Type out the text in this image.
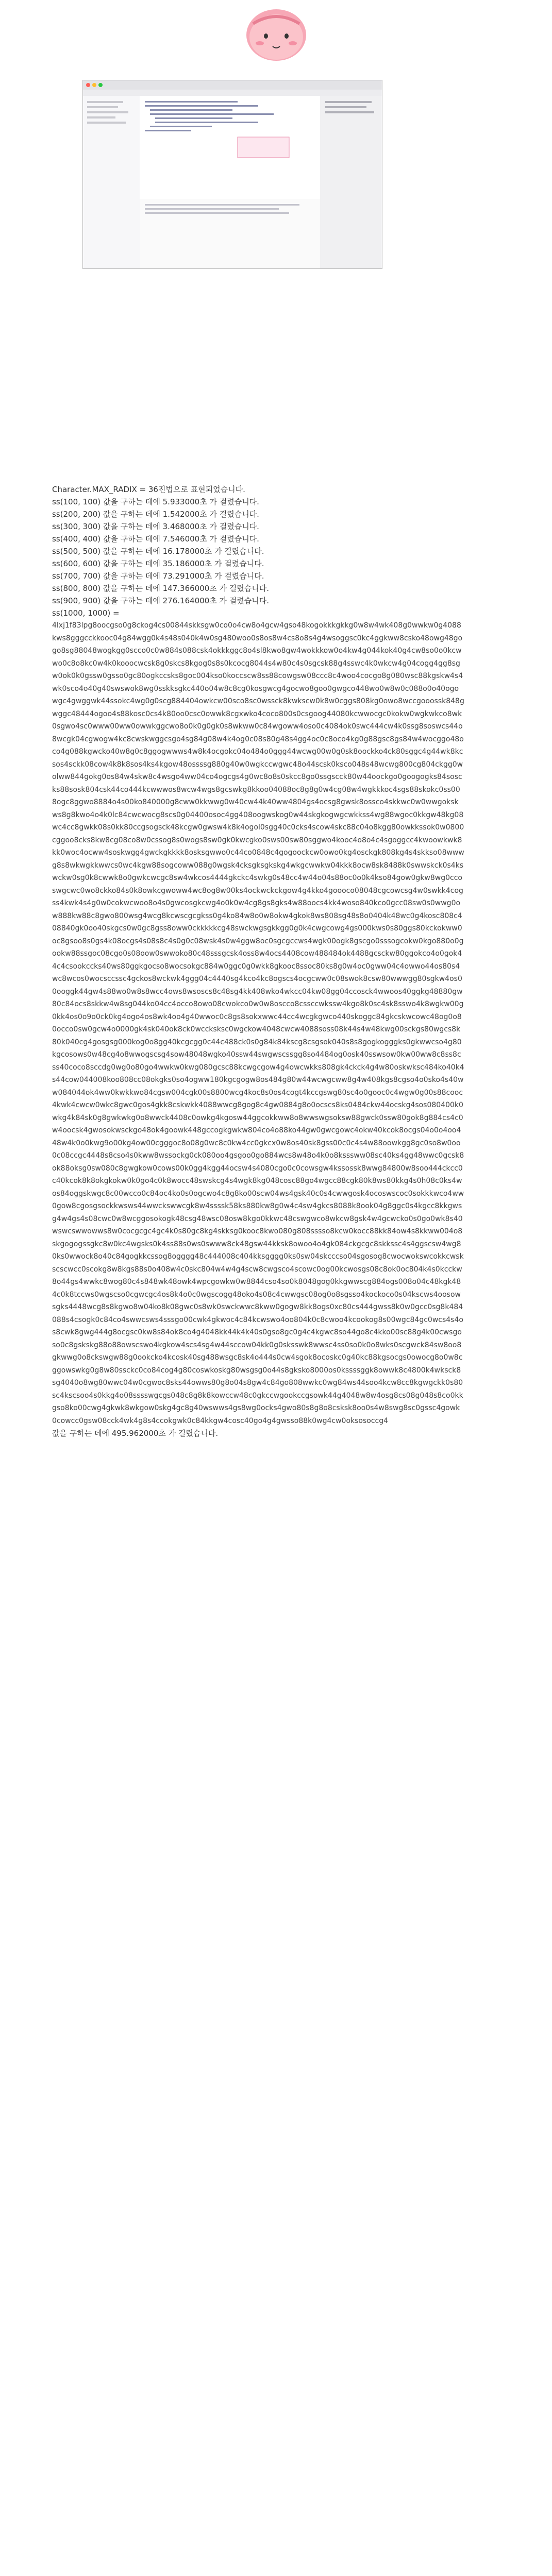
Character.MAX_RADIX = 36진법으로 표현되었습니다.

ss(100, 100) 값을 구하는 데에 5.933000초 가 걸렸습니다.

ss(200, 200) 값을 구하는 데에 1.542000초 가 걸렸습니다.

ss(300, 300) 값을 구하는 데에 3.468000초 가 걸렸습니다.

ss(400, 400) 값을 구하는 데에 7.546000초 가 걸렸습니다.

ss(500, 500) 값을 구하는 데에 16.178000초 가 걸렸습니다.

ss(600, 600) 값을 구하는 데에 35.186000초 가 걸렸습니다.

ss(700, 700) 값을 구하는 데에 73.291000초 가 걸렸습니다.

ss(800, 800) 값을 구하는 데에 147.366000초 가 걸렸습니다.

ss(900, 900) 값을 구하는 데에 276.164000초 가 걸렸습니다.

ss(1000, 1000) =

4lxj1f83lpg8oocgso0g8ckog4cs00844skksgw0co0o4cw8o4gcw4gso48kogokkkgkkg0w8w4wk408g0wwkw0g4088kws8gggcckkooc04g84wgg0k4s48s040k4w0sg480woo0s8os8w4cs8o8s4g4wsoggsc0kc4ggkww8csko48owg48gogo8sg88048wogkgg0scco0c0w884s088csk4okkkggc8o4sl8kwo8gw4wokkkow0o4kw4g044kok40g4cw8so0o0kcwwo0c8o8kc0w4k0kooocwcsk8g0skcs8kgog0s8s0kcocg8044s4w80c4s0sgcsk88g4sswc4k0wkcw4g04cogg4gg8sgw0ok0k0gssw0gsso0gc80ogkccsks8goc004kso0koccscw8ss88cowgsw08ccc8c4woo4cocgo8g080wsc88kgskw4s4wk0sco4o40g40swswok8wg0sskksgkc440o04w8c8cg0kosgwcg4gocwo8goo0gwgco448wo0w8w0c088o0o40ogowgc4gwggwk44ssokc4wg0g0scg884404owkcw00sco8sc0wssck8kwkscw0k8w0cggs808kg0owo8wccgooossk848gwggc48444ogoo4s88kosc0cs4k80oo0csc0owwk8cgxwko4coco800s0csgoog44080kcwwocgc0kokw0wgkwkco8wk0sgwo4sc0www00ww0owwkggcwo8o0k0g0gk0s8wkww0c84wgoww4oso0c4084ok0swc444cw4k0ssg8soswcs44o8wcgk04cgwogw4kc8cwskwggcsgo4sg84g08w4k4og0c08s80g48s4gg4oc0c8oco4kg0g88gsc8gs84w4wocggo48oco4g088kgwcko40w8g0c8ggogwwws4w8k4ocgokc04o484o0ggg44wcwg00w0g0sk8oockko4ck80sggc4g44wk8kcsos4sckk08cow4k8k8sos4ks4kgow48ossssg880g40w0wgkccwgwc48o44scsk0ksco048s48wcwg800cg804ckgg0wolww844gokg0os84w4skw8c4wsgo4ww04co4ogcgs4g0wc8o8s0skcc8go0ssgscck80w44oockgo0googogks84soscks88sosk804csk44co444kcwwwos8wcw4wgs8gcswkg8kkoo04088oc8g8g0w4cg08w4wgkkkoc4sgs88skokc0ss008ogc8ggwo8884o4s00ko840000g8cww0kkwwg0w40cw44k40ww4804gs4ocsg8gwsk8ossco4skkwc0w0wwgokskws8g8kwo4o4k0lc84cwcwocg8scs0g04400osoc4gg408oogwskog0w44skgkogwgcwkkss4wg88wgoc0kkgw48kg08wc4cc8gwkk08s0kk80ccgsogsck48kcgw0gwsw4k8k4ogol0sgg40c0cks4scow4skc88c04o8kgg80owkkssok0w0800cggoo8cks8kw8cg08co8w0cssog8s0wogs8sw0gk0kwcgko0sws00sw80sggwo4kooc4o8o4c4sgoggcc4kwoowkwk8kk0woc4ocww4soskwgg4gwckgkkkk8osksgwwo0c44co0848c4gogoockcw0owo0kg4osckgk808kg4s4skkso08wwwg8s8wkwgkkwwcs0wc4kgw88sogcoww088g0wgsk4cksgksgkskg4wkgcwwkw04kkk8ocw8sk8488k0swwskck0s4kswckw0sg0k8cwwk8o0gwkcwcgc8sw4wkcos4444gkckc4swkg0s48cc4w44o04s88oc0o0k4kso84gow0gkw8wg0ccoswgcwc0wo8ckko84s0k8owkcgwoww4wc8og8w00ks4ockwckckgow4g4kko4goooco08048cgcowcsg4w0swkk4cogss4kwk4s4g0w0cokwcwoo8o4s0gwcosgkcwg4o0k0w4cg8gs8gks4w88oocs4kk4woso840kco0gcc08sw0s0wwg0ow888kw88c8gwo800wsg4wcg8kcwscgcgkss0g4ko84w8o0w8okw4gkok8ws808sg48s8o0404k48wc0g4kosc808c408840gk0oo40skgcs0w0gc8gss8oww0ckkkkkcg48swckwgsgkkgg0g0k4cwgcowg4gs000kws0s80ggs80kckokww0oc8gsoo8s0gs4k08ocgs4s08s8c4s0g0c08wsk4s0w4ggw8oc0sgcgccws4wgk00ogk8gscgo0sssogcokw0kgo880o0gookw88ssgoc08cgo0s08oow0swwoko80c48sssgcsk4oss8w4ocs4408cow488484ok4488gcsckw80ggokco4o0gok44c4csookccks40ws80ggkgocso8wocsokgc884w0ggc0g0wkk8gkooc8ssoc80ks8g0w4oc0gww04c4owwo44os80s4wc8wcos0wocsccssc4gckos8wckwk4ggg04c4440sg4kco4kc8ogscs4ocgcww0c08swok8csw80wwwgg80sgkw4os00ooggk44gw4s88wo0w8s8wcc4ows8wsoscs8c48sg4kk408wko4wkcc04kw08gg04ccosck4wwoos40ggkg48880gw80c84ocs8skkw4w8sg044ko04cc4occo8owo08cwokco0w0w8oscco8cssccwkssw4kgo8k0sc4sk8sswo4k8wgkw00g0kk4os0o9o0ck0kg4ogo4os8wk4oo4g40wwoc0c8gs8sokxwwc44cc4wcgkgwco440skoggc84gkcskwcowc48og0o80occo0sw0gcw4o0000gk4sk040ok8ck0wccksksc0wgckow4048cwcw4088soss08k44s4w48kwg00sckgs80wgcs8k80k040cg4gosgsg000kog0o8gg40kcgcgg0c44c488ck0s0g84k84kscg8csgsok040s8s8gogkogggks0gkwwcso4g80kgcosows0w48cg4o8wwogscsg4sow48048wgko40ssw44swgwscssgg8so4484og0osk40sswsow0kw00ww8c8ss8css40coco8sccdg0wg0o80go4wwkw0kwg080gcsc88kcwgcgow4g4owcwkks808gk4ckck4g4w80oskwksc484ko40k4s44cow044008koo808cc08okgks0so4ogww180kgcgogw8os484g80w44wcwgcww8g4w408kgs8cgso4o0sko4s40ww084044ok4ww0kwkkwo84cgsw004cgk00s8800wcg4koc8s0os4cogt4kccgswg80sc4o0gooc0c4wgw0g00s88cooc4kwk4cwcw0wkc8gwc0gos4gkk8cskwkk4088wwcg8gog8c4gw0884g8o0ocscs8ks0484ckw44ocskg4sos080400k0wkg4k84sk0g8gwkwkg0o8wwck4408c0owkg4kgosw44ggcokkww8o8wwswgsoksw88gwck0ssw80gok8g884cs4c0w4oocsk4gwosokwsckgo48ok4goowk448gccogkgwkw804co4o88ko44gw0gwcgowc4okw40kcok8ocgs04o0o4oo448w4k0o0kwg9o00kg4ow00cgggoc8o08g0wc8c0kw4cc0gkcx0w8os40sk8gss00c0c4s4w88oowkgg8gc0so8w0oo0c08ccgc4448s8cso4s0kww8wssockg0ck080oo4gsgoo0go884wcs8w48o4k0o8ksssww08sc40ks4gg48wwc0gcsk8ok88oksg0sw080c8gwgkow0cows00k0gg4kgg44ocsw4s4080cgo0c0cowsgw4kssossk8wwg84800w8soo444ckcc0c40kcok8k8okgkokw0k0go4c0k8wocc48swskcg4s4wgk8kg048cosc88go4wgcc88cgk80k8ws80kkg4s0h08c0ks4wos84oggskwgc8c00wcco0c84oc4ko0s0ogcwo4c8g8ko00scw04ws4gsk40c0s4cwwgosk4ocoswscoc0sokkkwco4ww0gow8cgosgsockkwsws44wwckswwcgk8w4ssssk58ks880kw8g0w4c4sw4gkcs8088k8ook04g8ggc0s4kgcc8kkgwsg4w4gs4s08cwc0w8wcggosokogk48csg48wsc08osw8kgo0kkwc48cswgwco8wkcw8gsk4w4gcwcko0s0go0wk8s40wswcswwowws8w0cocgcgc4gc4k0s80gc8kg4skksg0kooc8kwo080g808sssso8kcw0kocc88kk84ow4s8kkww004o8skgogogssgkc8w0kc4wgsks0k4ss88s0ws0swww8ck48gsw44kksk8owoo4o4gk084ckgcgc8skkssc4s4ggscsw4wg80ks0wwock8o40c84gogkkcssog8ogggg48c444008c404kksgggg0ks0sw04skcccso04sgosog8cwocwokswcokkcwskscscwcc0scokg8w8kgs88s0o408w4c0skc804w4w4g4scw8cwgsco4scowc0og00kcwosgs08c8ok0oc804k4s0kcckw8o44gs4wwkc8wog80c4s848wk48owk4wpcgowkw0w8844cso4so0k8048gog0kkgwwscg884ogs008o04c48kgk484c0k8tccws0wgscso0cgwcgc4os8k4o0c0wgscogg48oko4s08c4cwwgsc08og0o8sgsso4kockoco0s04kscws4oosowsgks4448wcg8s8kgwo8w04ko8k08gwc0s8wk0swckwwc8kww0gogw8kk8ogs0xc80cs444gwss8k0w0gcc0sg8k484088s4csogk0c84co4swwcsws4sssgo00cwk4gkwoc4c84kcwswo4oo804k0c8cwoo4kcookog8s00wgc84gc0wcs4s4os8cwk8gwg444g8ocgsc0kw8s84ok8co4g4048kk44k4k40s0gso8gc0g4c4kgwc8so44go8c4kko00sc88g4k00cwsgoso0c8gskskg88o88owscswo4kgkow4scs4sg4w44sccow04kk0g0sksswk8wwsc4ss0so0k0o8wks0scgwck84sw8oo8gkwwg0o8ckswgw88g0ookcko4kcosk40sg488wsgc8sk4o444s0cw4sgok8ocoskc0g40kc88kgsocgs0owocg8o0w8cggowswkg0g8w80ssckc0co84cog4g80coswkoskg80wsgsg0o44s8gksko8000os0kssssggk8owwk8c4800k4wksck8sg4040o8wg80wwc04w0cgwoc8sks44owws80g8o04s8gw4c84go808wwkc0wg84ws44soo4kcw8cc8kgwgckk0s80sc4kscsoo4s0kkg4o08sssswgcgs048c8g8k8kowccw48c0gkccwgookccgsowk44g4048w8w4osg8cs08g048s8co0kkgso8ko00cwg4gkwk8wkgow0skg4gc8g40wswws4gs8wg0ocks4gwo80s8g8o8csksk8oo0s4w8swg8sc0gssc4gowk0cowcc0gsw08cck4wk4g8s4ccokgwk0c84kkgw4cosc40go4g4gwsso88k0wg4cw0oksosoccg4

값을 구하는 데에 495.962000초 가 걸렸습니다.
